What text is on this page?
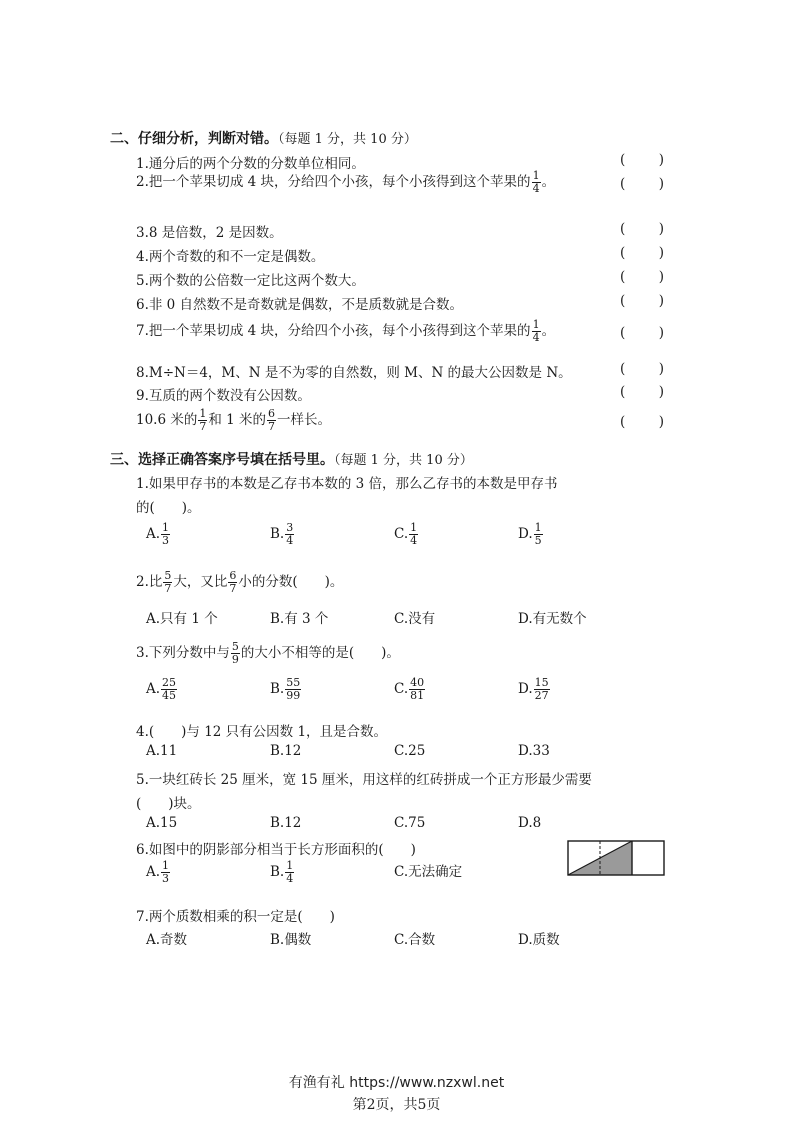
二、仔细分析，判断对错。（每题 1 分，共 10 分）
1.通分后的两个分数的分数单位相同。	( )
2.把一个苹果切成 4 块，分给四个小孩，每个小孩得到这个苹果的 $\frac{1}{4}$ 。	( )
3.8 是倍数，2 是因数。	( )
4.两个奇数的和不一定是偶数。	( )
5.两个数的公倍数一定比这两个数大。	( )
6.非 0 自然数不是奇数就是偶数，不是质数就是合数。	( )
7.把一个苹果切成 4 块，分给四个小孩，每个小孩得到这个苹果的 $\frac{1}{4}$ 。	( )
8.M÷N＝4，M、N 是不为零的自然数，则 M、N 的最大公因数是 N。	( )
9.互质的两个数没有公因数。	( )
10.6 米的 $\frac{1}{7}$ 和 1 米的 $\frac{6}{7}$ 一样长。	( )
三、选择正确答案序号填在括号里。（每题 1 分，共 10 分）
1.如果甲存书的本数是乙存书本数的 3 倍，那么乙存书的本数是甲存书
的(　　)。
A. $\frac{1}{3}$	B. $\frac{3}{4}$	C. $\frac{1}{4}$	D. $\frac{1}{5}$
2.比 $\frac{5}{7}$ 大，又比 $\frac{6}{7}$ 小的分数(　　)。
A.只有 1 个	B.有 3 个	C.没有	D.有无数个
3.下列分数中与 $\frac{5}{9}$ 的大小不相等的是(　　)。
A. $\frac{25}{45}$	B. $\frac{55}{99}$	C. $\frac{40}{81}$	D. $\frac{15}{27}$
4.(　　)与 12 只有公因数 1，且是合数。
A.11	B.12	C.25	D.33
5.一块红砖长 25 厘米，宽 15 厘米，用这样的红砖拼成一个正方形最少需要
(　　)块。
A.15	B.12	C.75	D.8
6.如图中的阴影部分相当于长方形面积的(　　)
A. $\frac{1}{3}$	B. $\frac{1}{4}$	C.无法确定
7.两个质数相乘的积一定是(　　)
A.奇数	B.偶数	C.合数	D.质数
有渔有礼 https://www.nzxwl.net
第2页，共5页
